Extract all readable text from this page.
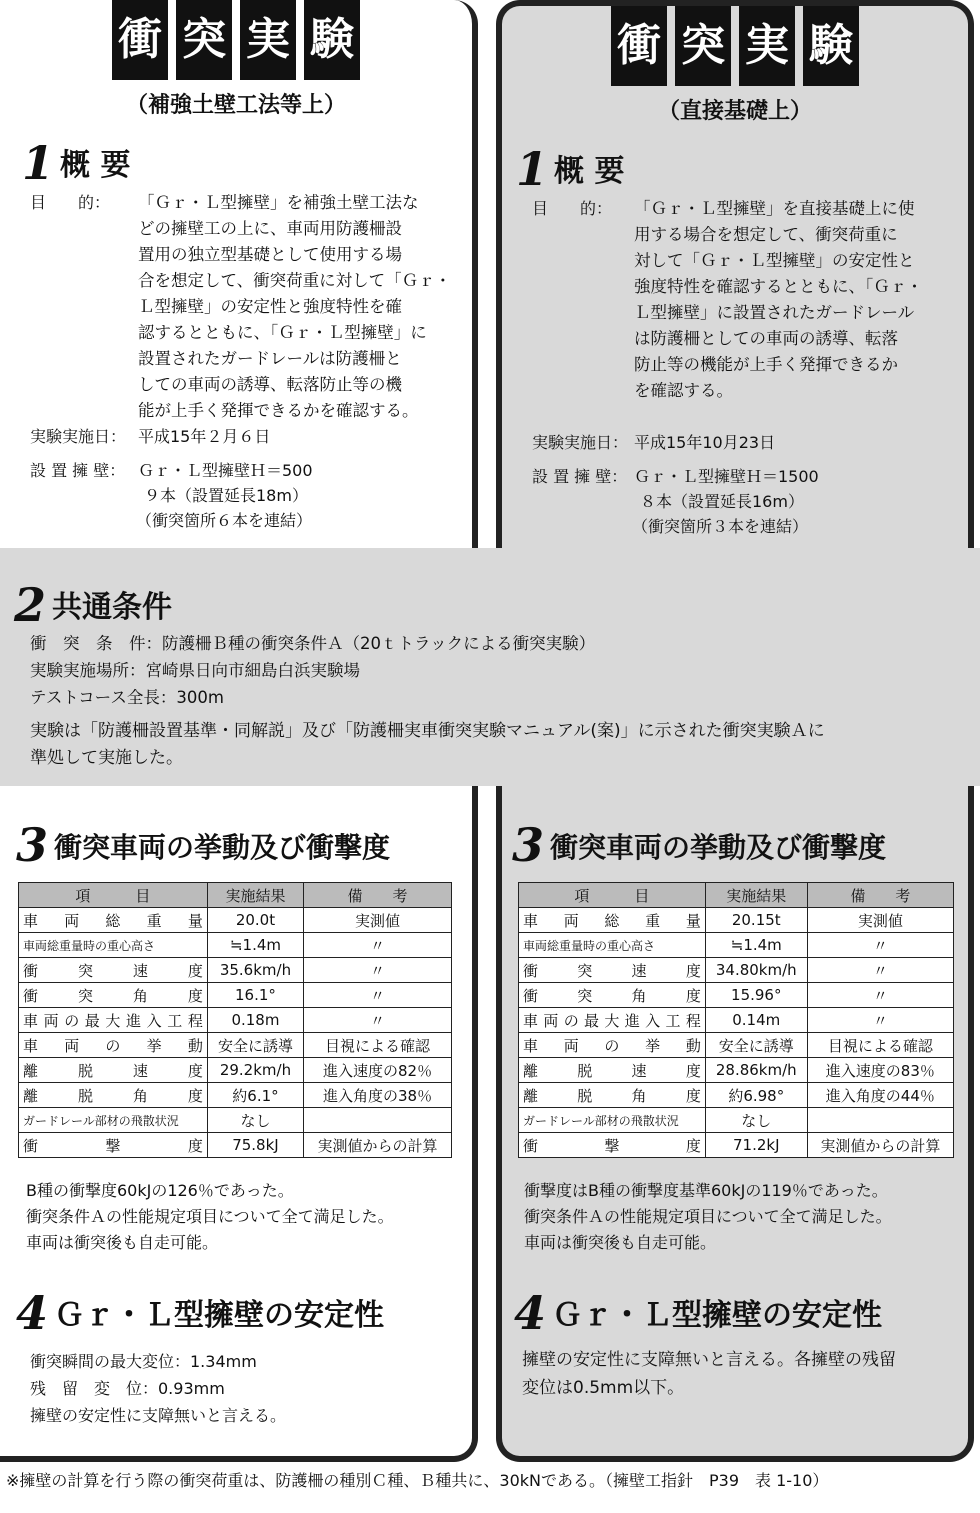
衝 突 実 験
（補強土壁工法等上）
1 概 要
目　　的： 「Ｇｒ・Ｌ型擁壁」を補強土壁工法な
どの擁壁工の上に、車両用防護柵設
置用の独立型基礎として使用する場
合を想定して、衝突荷重に対して「Ｇｒ・
Ｌ型擁壁」の安定性と強度特性を確
認するとともに、「Ｇｒ・Ｌ型擁壁」に
設置されたガードレールは防護柵と
しての車両の誘導、転落防止等の機
能が上手く発揮できるかを確認する。
実験実施日： 平成15年２月６日
設 置 擁 壁： Ｇｒ・Ｌ型擁壁Ｈ＝500
９本（設置延長18m）
（衝突箇所６本を連結）
衝 突 実 験
（直接基礎上）
1 概 要
目　　的： 「Ｇｒ・Ｌ型擁壁」を直接基礎上に使
用する場合を想定して、衝突荷重に
対して「Ｇｒ・Ｌ型擁壁」の安定性と
強度特性を確認するとともに、「Ｇｒ・
Ｌ型擁壁」に設置されたガードレール
は防護柵としての車両の誘導、転落
防止等の機能が上手く発揮できるか
を確認する。
実験実施日： 平成15年10月23日
設 置 擁 壁： Ｇｒ・Ｌ型擁壁Ｈ＝1500
８本（設置延長16m）
（衝突箇所３本を連結）
2 共通条件
衝　突　条　件：防護柵Ｂ種の衝突条件Ａ（20ｔトラックによる衝突実験）
実験実施場所：宮崎県日向市細島白浜実験場
テストコース全長：300m
実験は「防護柵設置基準・同解説」及び「防護柵実車衝突実験マニュアル(案)」に示された衝突実験Ａに
準処して実施した。
3 衝突車両の挙動及び衝撃度
項　　　目	実施結果	備　　考
車両総重量	20.0t	実測値
車両総重量時の重心高さ	≒1.4m	〃
衝突速度	35.6km/h	〃
衝突角度	16.1°	〃
車両の最大進入工程	0.18m	〃
車両の挙動	安全に誘導	目視による確認
離脱速度	29.2km/h	進入速度の82％
離脱角度	約6.1°	進入角度の38％
ガードレール部材の飛散状況	なし	
衝撃度	75.8kJ	実測値からの計算
B種の衝撃度60kJの126％であった。
衝突条件Ａの性能規定項目について全て満足した。
車両は衝突後も自走可能。
4 Ｇｒ・Ｌ型擁壁の安定性
衝突瞬間の最大変位：1.34mm
残　留　変　位：0.93mm
擁壁の安定性に支障無いと言える。
3 衝突車両の挙動及び衝撃度
項　　　目	実施結果	備　　考
車両総重量	20.15t	実測値
車両総重量時の重心高さ	≒1.4m	〃
衝突速度	34.80km/h	〃
衝突角度	15.96°	〃
車両の最大進入工程	0.14m	〃
車両の挙動	安全に誘導	目視による確認
離脱速度	28.86km/h	進入速度の83％
離脱角度	約6.98°	進入角度の44％
ガードレール部材の飛散状況	なし	
衝撃度	71.2kJ	実測値からの計算
衝撃度はB種の衝撃度基準60kJの119％であった。
衝突条件Ａの性能規定項目について全て満足した。
車両は衝突後も自走可能。
4 Ｇｒ・Ｌ型擁壁の安定性
擁壁の安定性に支障無いと言える。各擁壁の残留
変位は0.5mm以下。
※擁壁の計算を行う際の衝突荷重は、防護柵の種別Ｃ種、Ｂ種共に、30kNである。（擁壁工指針　P39　表 1-10）
